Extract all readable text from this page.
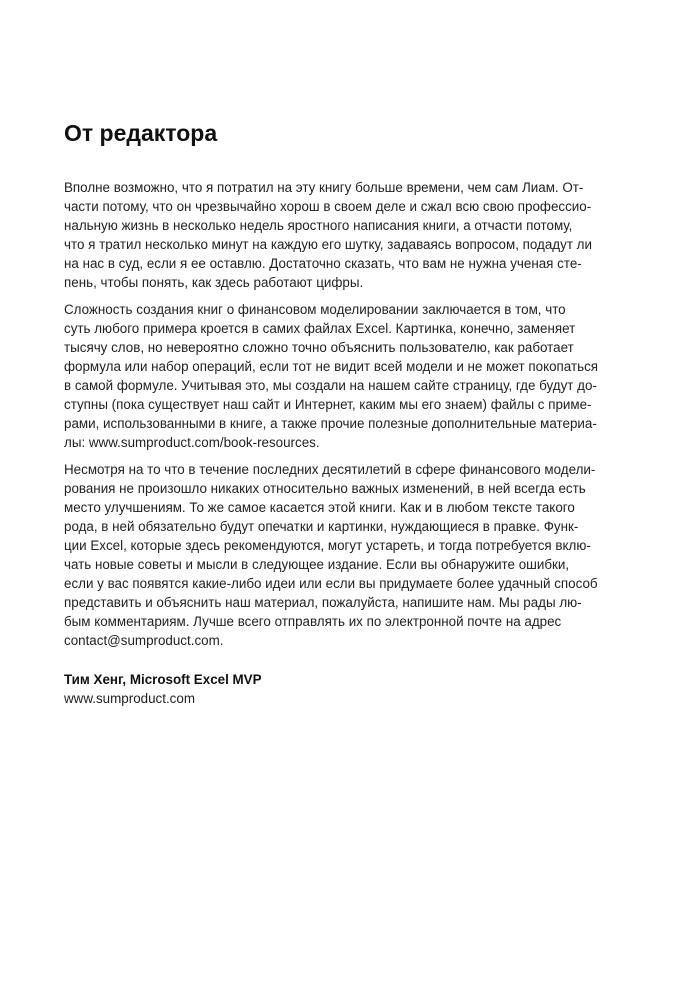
От редактора

Вполне возможно, что я потратил на эту книгу больше времени, чем сам Лиам. От-
части потому, что он чрезвычайно хорош в своем деле и сжал всю свою профессио-
нальную жизнь в несколько недель яростного написания книги, а отчасти потому,
что я тратил несколько минут на каждую его шутку, задаваясь вопросом, подадут ли
на нас в суд, если я ее оставлю. Достаточно сказать, что вам не нужна ученая сте-
пень, чтобы понять, как здесь работают цифры.

Сложность создания книг о финансовом моделировании заключается в том, что
суть любого примера кроется в самих файлах Excel. Картинка, конечно, заменяет
тысячу слов, но невероятно сложно точно объяснить пользователю, как работает
формула или набор операций, если тот не видит всей модели и не может покопаться
в самой формуле. Учитывая это, мы создали на нашем сайте страницу, где будут до-
ступны (пока существует наш сайт и Интернет, каким мы его знаем) файлы с приме-
рами, использованными в книге, а также прочие полезные дополнительные материа-
лы: www.sumproduct.com/book-resources.

Несмотря на то что в течение последних десятилетий в сфере финансового модели-
рования не произошло никаких относительно важных изменений, в ней всегда есть
место улучшениям. То же самое касается этой книги. Как и в любом тексте такого
рода, в ней обязательно будут опечатки и картинки, нуждающиеся в правке. Функ-
ции Excel, которые здесь рекомендуются, могут устареть, и тогда потребуется вклю-
чать новые советы и мысли в следующее издание. Если вы обнаружите ошибки,
если у вас появятся какие-либо идеи или если вы придумаете более удачный способ
представить и объяснить наш материал, пожалуйста, напишите нам. Мы рады лю-
бым комментариям. Лучше всего отправлять их по электронной почте на адрес
contact@sumproduct.com.

Тим Хенг, Microsoft Excel MVP
www.sumproduct.com
